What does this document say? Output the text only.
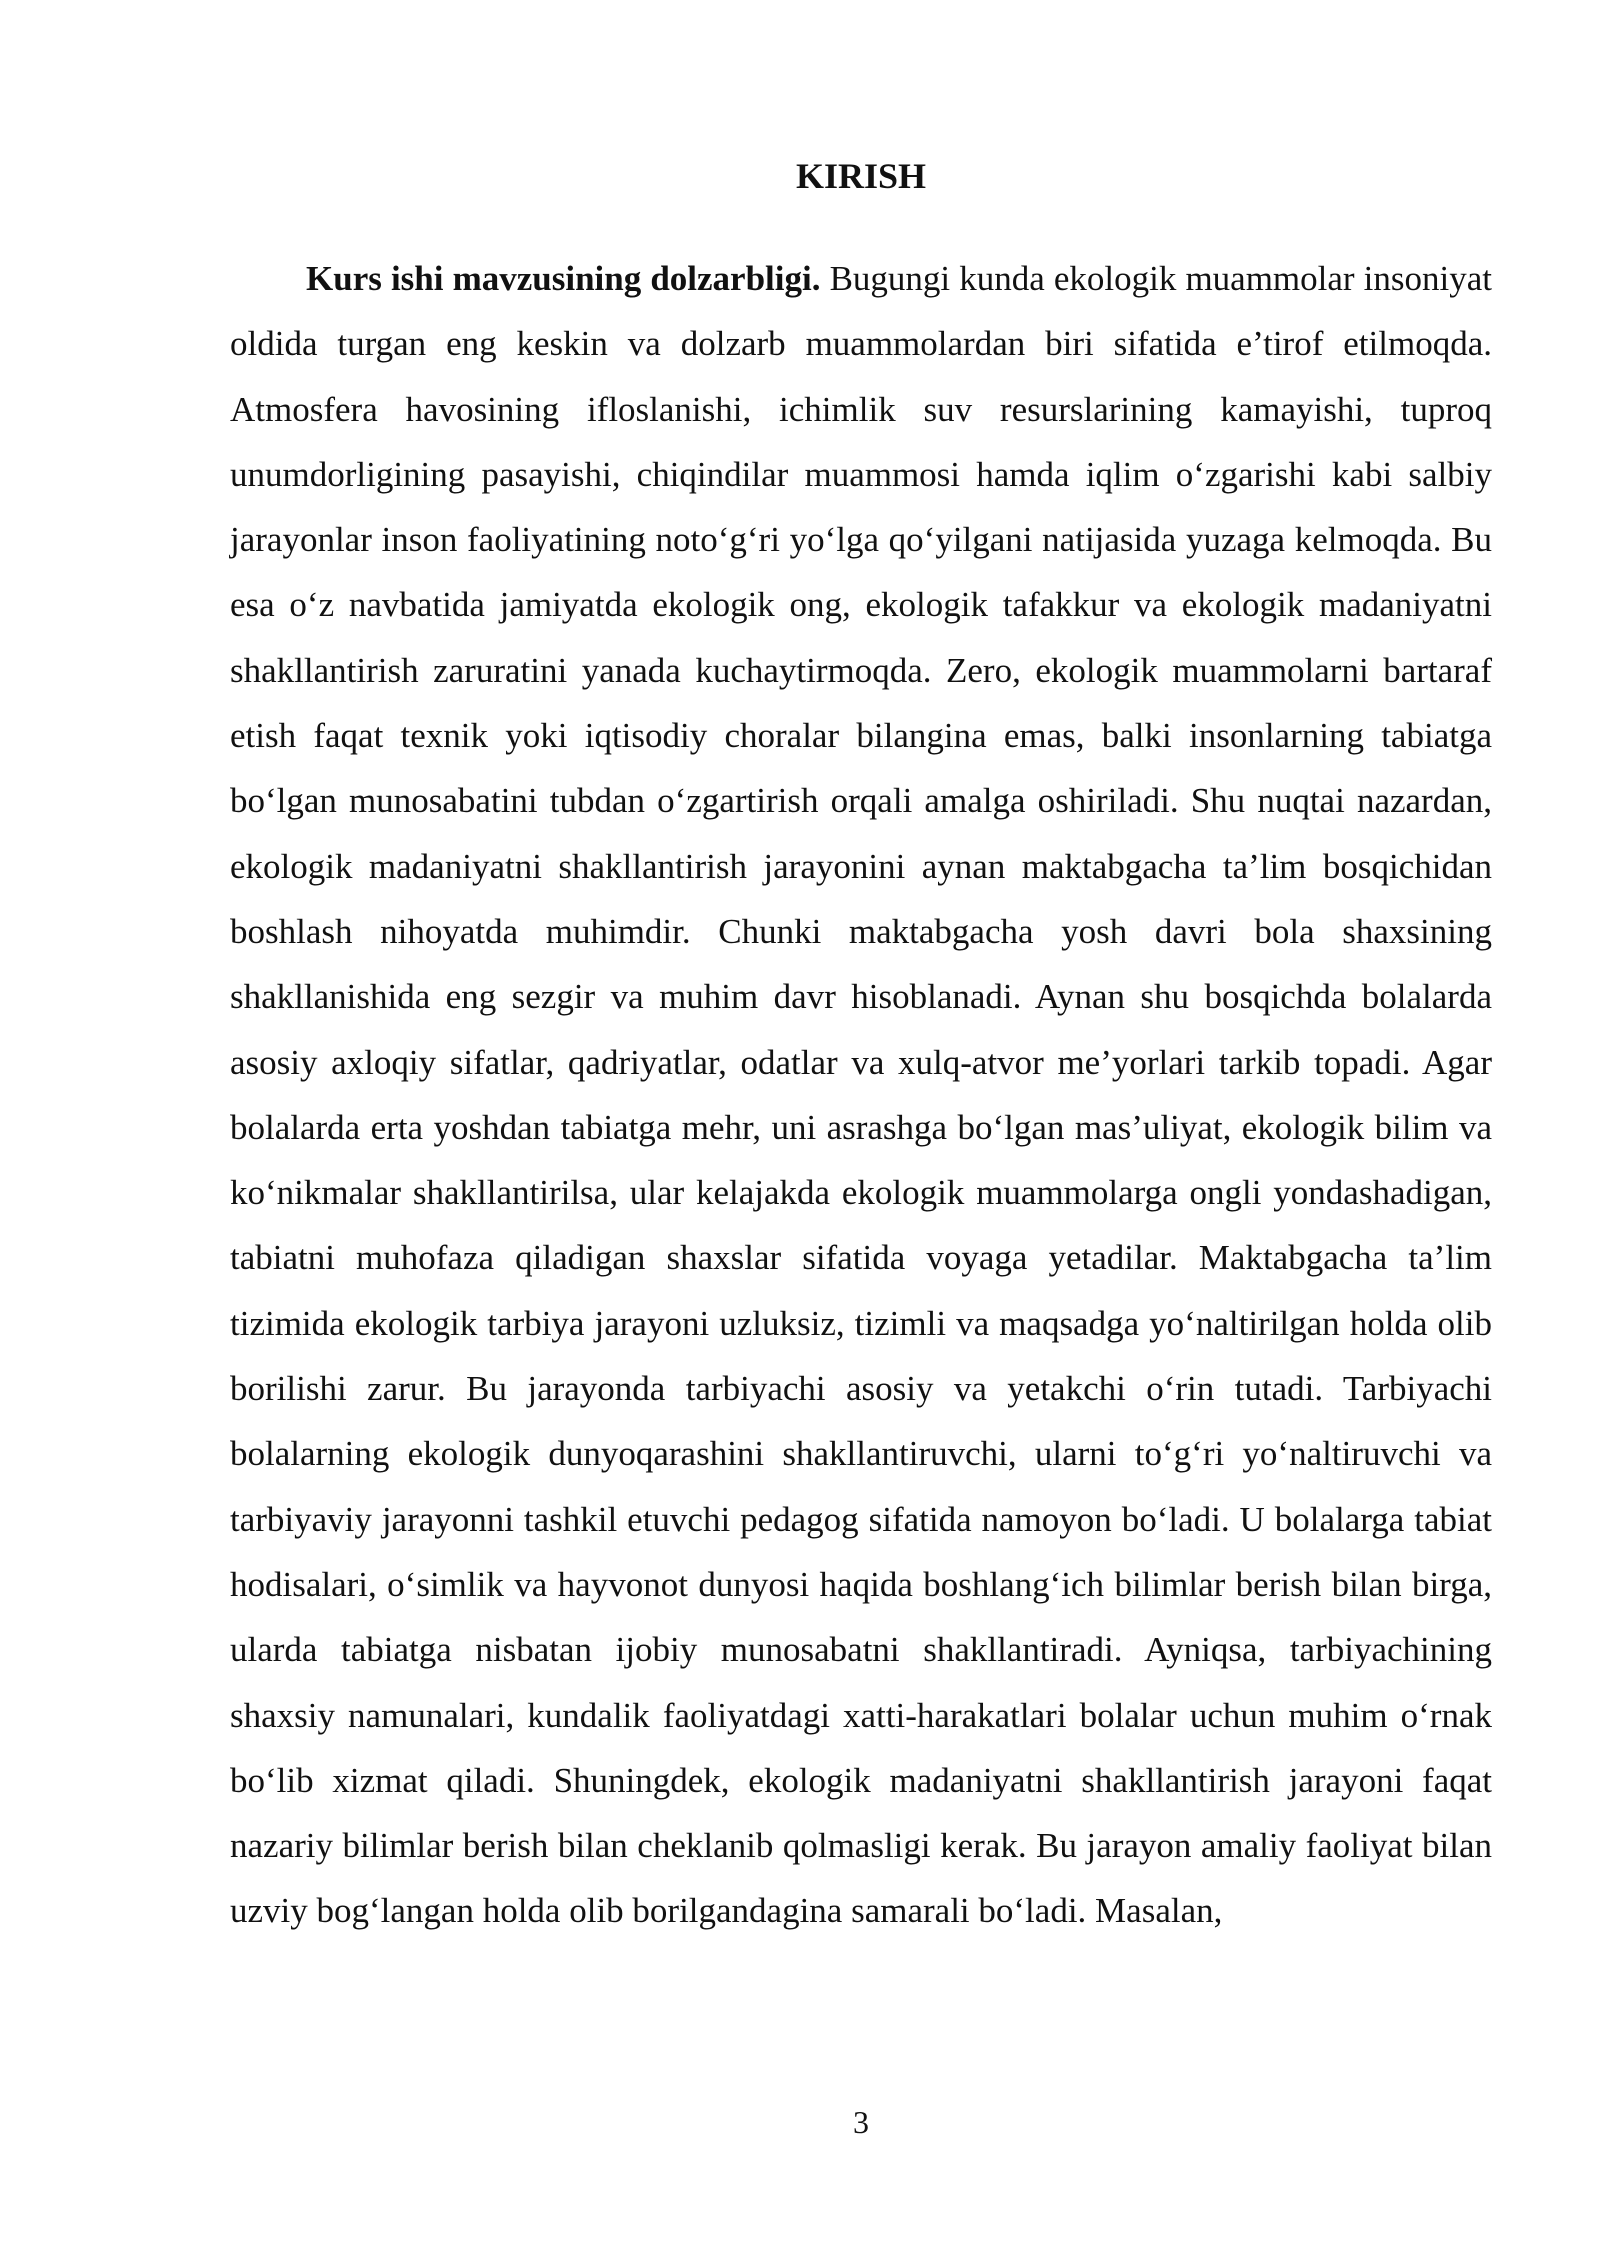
KIRISH

Kurs ishi mavzusining dolzarbligi. Bugungi kunda ekologik muammolar insoniyat oldida turgan eng keskin va dolzarb muammolardan biri sifatida e’tirof etilmoqda. Atmosfera havosining ifloslanishi, ichimlik suv resurslarining kamayishi, tuproq unumdorligining pasayishi, chiqindilar muammosi hamda iqlim o‘zgarishi kabi salbiy jarayonlar inson faoliyatining noto‘g‘ri yo‘lga qo‘yilgani natijasida yuzaga kelmoqda. Bu esa o‘z navbatida jamiyatda ekologik ong, ekologik tafakkur va ekologik madaniyatni shakllantirish zaruratini yanada kuchaytirmoqda. Zero, ekologik muammolarni bartaraf etish faqat texnik yoki iqtisodiy choralar bilangina emas, balki insonlarning tabiatga bo‘lgan munosabatini tubdan o‘zgartirish orqali amalga oshiriladi. Shu nuqtai nazardan, ekologik madaniyatni shakllantirish jarayonini aynan maktabgacha ta’lim bosqichidan boshlash nihoyatda muhimdir. Chunki maktabgacha yosh davri bola shaxsining shakllanishida eng sezgir va muhim davr hisoblanadi. Aynan shu bosqichda bolalarda asosiy axloqiy sifatlar, qadriyatlar, odatlar va xulq-atvor me’yorlari tarkib topadi. Agar bolalarda erta yoshdan tabiatga mehr, uni asrashga bo‘lgan mas’uliyat, ekologik bilim va ko‘nikmalar shakllantirilsa, ular kelajakda ekologik muammolarga ongli yondashadigan, tabiatni muhofaza qiladigan shaxslar sifatida voyaga yetadilar. Maktabgacha ta’lim tizimida ekologik tarbiya jarayoni uzluksiz, tizimli va maqsadga yo‘naltirilgan holda olib borilishi zarur. Bu jarayonda tarbiyachi asosiy va yetakchi o‘rin tutadi. Tarbiyachi bolalarning ekologik dunyoqarashini shakllantiruvchi, ularni to‘g‘ri yo‘naltiruvchi va tarbiyaviy jarayonni tashkil etuvchi pedagog sifatida namoyon bo‘ladi. U bolalarga tabiat hodisalari, o‘simlik va hayvonot dunyosi haqida boshlang‘ich bilimlar berish bilan birga, ularda tabiatga nisbatan ijobiy munosabatni shakllantiradi. Ayniqsa, tarbiyachining shaxsiy namunalari, kundalik faoliyatdagi xatti-harakatlari bolalar uchun muhim o‘rnak bo‘lib xizmat qiladi. Shuningdek, ekologik madaniyatni shakllantirish jarayoni faqat nazariy bilimlar berish bilan cheklanib qolmasligi kerak. Bu jarayon amaliy faoliyat bilan uzviy bog‘langan holda olib borilgandagina samarali bo‘ladi. Masalan,

3
